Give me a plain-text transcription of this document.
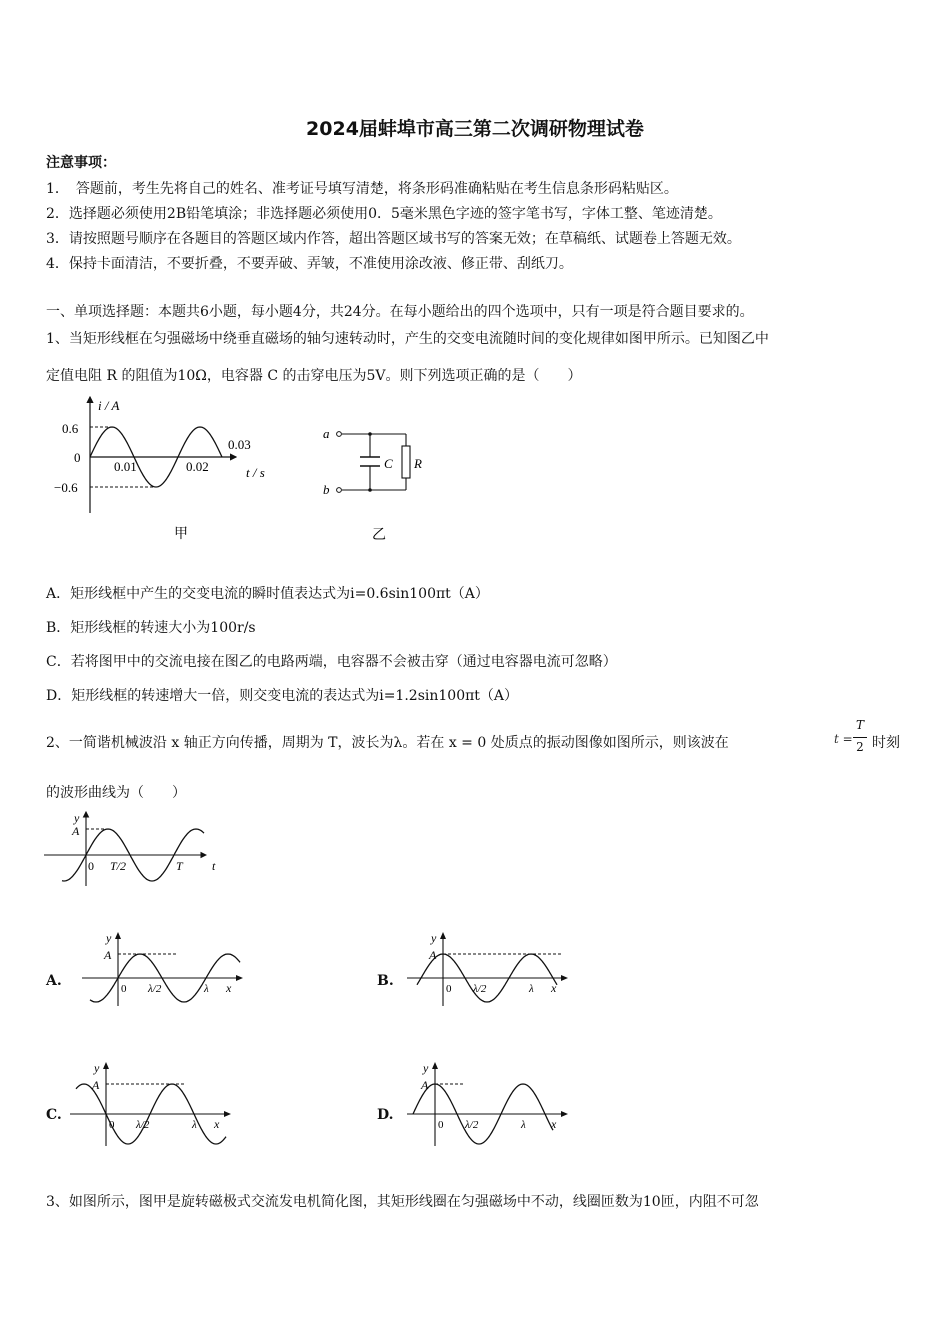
2024届蚌埠市高三第二次调研物理试卷
注意事项：
1．　答题前，考生先将自己的姓名、准考证号填写清楚，将条形码准确粘贴在考生信息条形码粘贴区。
2．选择题必须使用2B铅笔填涂；非选择题必须使用0．5毫米黑色字迹的签字笔书写，字体工整、笔迹清楚。
3．请按照题号顺序在各题目的答题区域内作答，超出答题区域书写的答案无效；在草稿纸、试题卷上答题无效。
4．保持卡面清洁，不要折叠，不要弄破、弄皱，不准使用涂改液、修正带、刮纸刀。
一、单项选择题：本题共6小题，每小题4分，共24分。在每小题给出的四个选项中，只有一项是符合题目要求的。
1、当矩形线框在匀强磁场中绕垂直磁场的轴匀速转动时，产生的交变电流随时间的变化规律如图甲所示。已知图乙中
定值电阻 R 的阻值为10Ω，电容器 C 的击穿电压为5V。则下列选项正确的是（　　）
i / A
0.6
0
−0.6
0.01	0.02
0.03
t / s
甲
a
b
C R
乙
A．矩形线框中产生的交变电流的瞬时值表达式为i=0.6sin100πt（A）
B．矩形线框的转速大小为100r/s
C．若将图甲中的交流电接在图乙的电路两端，电容器不会被击穿（通过电容器电流可忽略）
D．矩形线框的转速增大一倍，则交变电流的表达式为i=1.2sin100πt（A）
2、一简谐机械波沿 x 轴正方向传播，周期为 T，波长为λ。若在 x = 0 处质点的振动图像如图所示，则该波在	t =
T
2 时刻
的波形曲线为（　　）
y
A
0 T/2	T t
A.
y
A
0 λ/2	λ x	B.
y
A
0 λ/2	λ x
C.
y
A
0 λ/2	λ x
D.
y
A
0 λ/2	λ x
3、如图所示，图甲是旋转磁极式交流发电机简化图，其矩形线圈在匀强磁场中不动，线圈匝数为10匝，内阻不可忽
